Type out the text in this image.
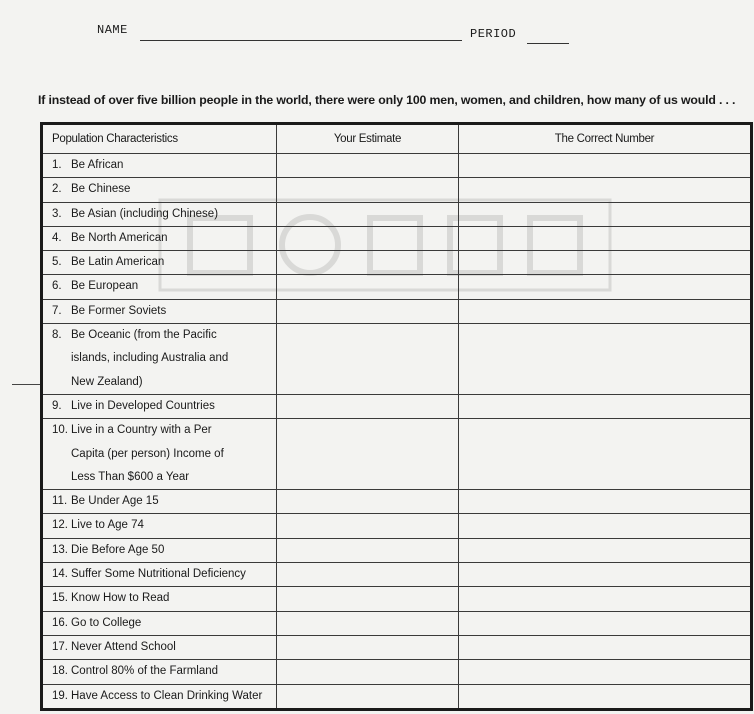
NAME	PERIOD
If instead of over five billion people in the world, there were only 100 men, women, and children, how many of us would . . .
Population Characteristics	Your Estimate	The Correct Number
1. Be African		
2. Be Chinese		
3. Be Asian (including Chinese)		
4. Be North American		
5. Be Latin American		
6. Be European		
7. Be Former Soviets		

8. Be Oceanic (from the Pacific
islands, including Australia and
New Zealand)		

9. Live in Developed Countries		

10. Live in a Country with a Per
Capita (per person) Income of
Less Than $600 a Year		

11. Be Under Age 15		
12. Live to Age 74		
13. Die Before Age 50		
14. Suffer Some Nutritional Deficiency		
15. Know How to Read		
16. Go to College		
17. Never Attend School		
18. Control 80% of the Farmland		
19. Have Access to Clean Drinking Water		
